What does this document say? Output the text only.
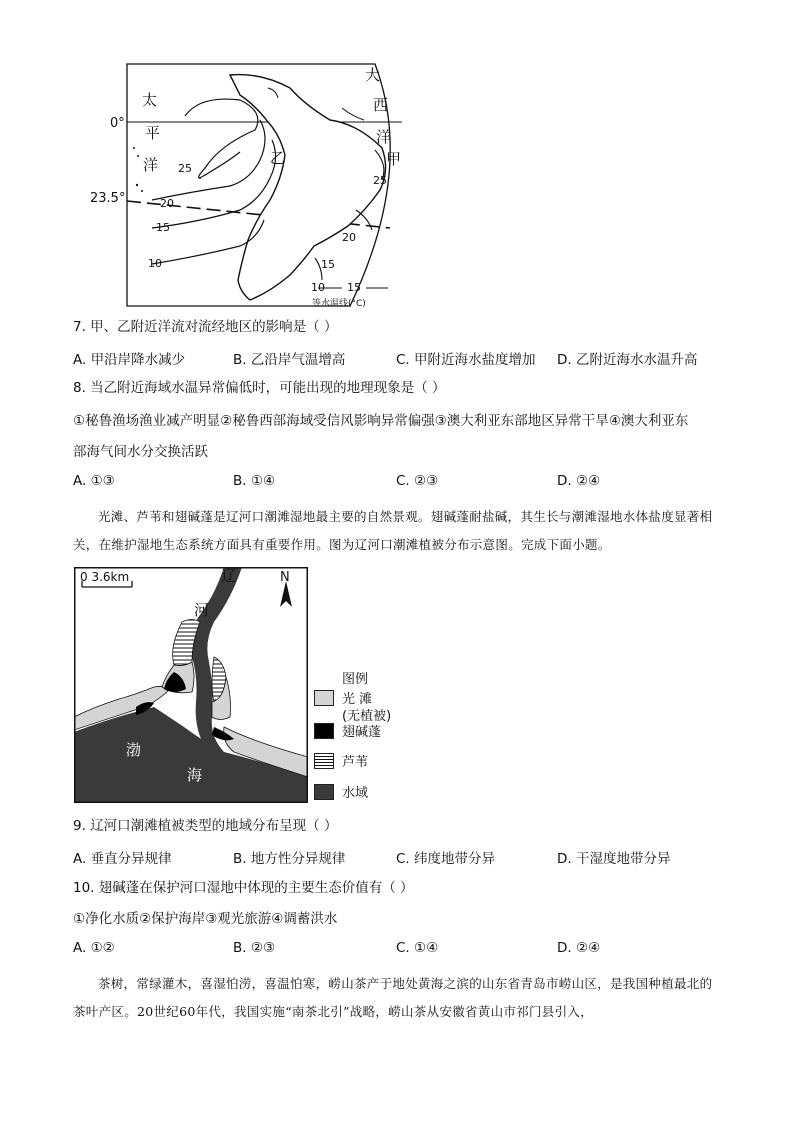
太
平
洋
大
西
洋
甲
乙
0°
23.5°
25
20
15
10
25
20
15
10 15
等水温线(°C)
7. 甲、乙附近洋流对流经地区的影响是（ ）
A. 甲沿岸降水减少	B. 乙沿岸气温增高	C. 甲附近海水盐度增加 D. 乙附近海水水温升高
8. 当乙附近海域水温异常偏低时，可能出现的地理现象是（ ）
①秘鲁渔场渔业减产明显②秘鲁西部海域受信风影响异常偏强③澳大利亚东部地区异常干旱④澳大利亚东
部海气间水分交换活跃
A. ①③	B. ①④	C. ②③	D. ②④
光滩、芦苇和翅碱蓬是辽河口潮滩湿地最主要的自然景观。翅碱蓬耐盐碱，其生长与潮滩湿地水体盐度显著相关，在维护湿地生态系统方面具有重要作用。图为辽河口潮滩植被分布示意图。完成下面小题。
0 3.6km	N
辽
河
渤
海
图例
光 滩
(无植被)
翅碱蓬
芦苇
水域
9. 辽河口潮滩植被类型的地域分布呈现（ ）
A. 垂直分异规律	B. 地方性分异规律	C. 纬度地带分异	D. 干湿度地带分异
10. 翅碱蓬在保护河口湿地中体现的主要生态价值有（ ）
①净化水质②保护海岸③观光旅游④调蓄洪水
A. ①②	B. ②③	C. ①④	D. ②④
茶树，常绿灌木，喜湿怕涝，喜温怕寒，崂山茶产于地处黄海之滨的山东省青岛市崂山区，是我国种植最北的茶叶产区。20世纪60年代，我国实施“南茶北引”战略，崂山茶从安徽省黄山市祁门县引入，
